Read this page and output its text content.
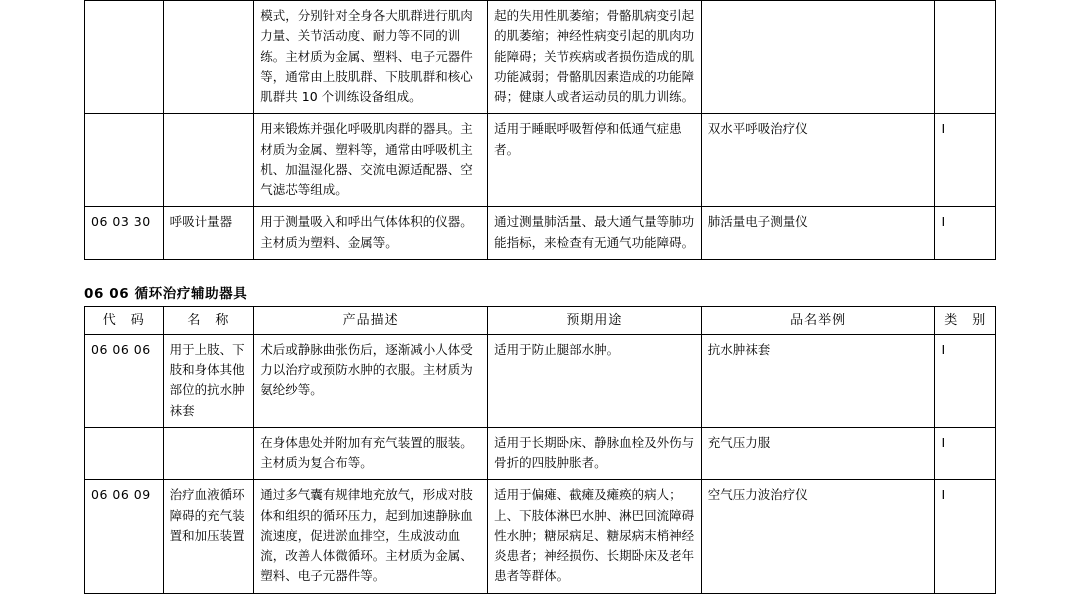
		模式，分别针对全身各大肌群进行肌肉力量、关节活动度、耐力等不同的训练。主材质为金属、塑料、电子元器件等，通常由上肢肌群、下肢肌群和核心肌群共 10 个训练设备组成。	起的失用性肌萎缩；骨骼肌病变引起的肌萎缩；神经性病变引起的肌肉功能障碍；关节疾病或者损伤造成的肌功能减弱；骨骼肌因素造成的功能障碍；健康人或者运动员的肌力训练。		
		用来锻炼并强化呼吸肌肉群的器具。主材质为金属、塑料等，通常由呼吸机主机、加温湿化器、交流电源适配器、空气滤芯等组成。	适用于睡眠呼吸暂停和低通气症患者。	双水平呼吸治疗仪	Ⅰ
06 03 30	呼吸计量器	用于测量吸入和呼出气体体积的仪器。主材质为塑料、金属等。	通过测量肺活量、最大通气量等肺功能指标，来检查有无通气功能障碍。	肺活量电子测量仪	Ⅰ
06 06 循环治疗辅助器具
代　码	名　称	产品描述	预期用途	品名举例	类　别
06 06 06	用于上肢、下肢和身体其他部位的抗水肿袜套	术后或静脉曲张伤后，逐渐减小人体受力以治疗或预防水肿的衣服。主材质为氨纶纱等。	适用于防止腿部水肿。	抗水肿袜套	Ⅰ
		在身体患处并附加有充气装置的服装。主材质为复合布等。	适用于长期卧床、静脉血栓及外伤与骨折的四肢肿胀者。	充气压力服	Ⅰ
06 06 09	治疗血液循环障碍的充气装置和加压装置	通过多气囊有规律地充放气，形成对肢体和组织的循环压力，起到加速静脉血流速度，促进淤血排空，生成波动血流，改善人体微循环。主材质为金属、塑料、电子元器件等。	适用于偏瘫、截瘫及瘫痪的病人；上、下肢体淋巴水肿、淋巴回流障碍性水肿；糖尿病足、糖尿病末梢神经炎患者；神经损伤、长期卧床及老年患者等群体。	空气压力波治疗仪	Ⅰ
